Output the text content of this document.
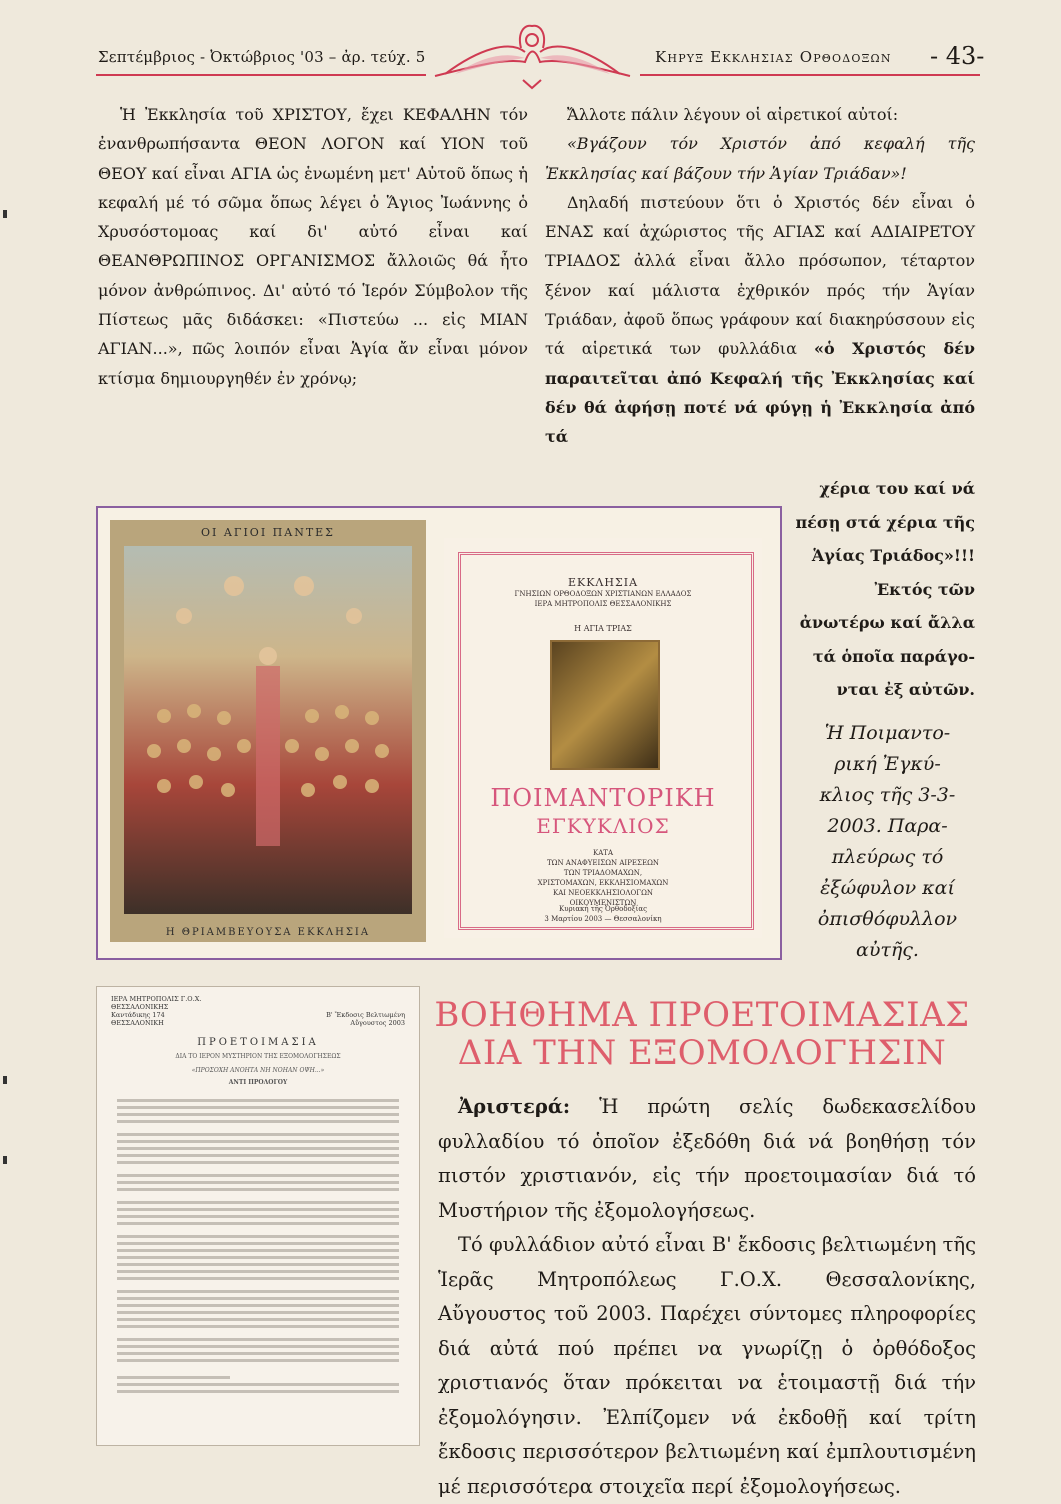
Σεπτέμβριος - Ὀκτώβριος '03 – ἀρ. τεύχ. 5	Κηρυξ Εκκλησιας Ορθοδοξων - 43-

Ἡ Ἐκκλησία τοῦ ΧΡΙΣΤΟΥ, ἔχει ΚΕΦΑΛΗΝ τόν ἐνανθρωπήσαντα ΘΕΟΝ ΛΟΓΟΝ καί ΥΙΟΝ τοῦ ΘΕΟΥ καί εἶναι ΑΓΙΑ ὡς ἑνωμένη μετ' Αὐτοῦ ὅπως ἡ κεφαλή μέ τό σῶμα ὅπως λέγει ὁ Ἅγιος Ἰωάννης ὁ Χρυσόστομοας καί δι' αὐτό εἶναι καί ΘΕΑΝΘΡΩΠΙΝΟΣ ΟΡΓΑΝΙΣΜΟΣ ἄλλοιῶς θά ἦτο μόνον ἀνθρώπινος. Δι' αὐτό τό Ἱερόν Σύμβολον τῆς Πίστεως μᾶς διδάσκει: «Πιστεύω ... εἰς ΜΙΑΝ ΑΓΙΑΝ...», πῶς λοιπόν εἶναι Ἁγία ἄν εἶναι μόνον κτίσμα δημιουργηθέν ἐν χρόνῳ;

Ἄλλοτε πάλιν λέγουν οἱ αἱρετικοί αὐτοί:

«Βγάζουν τόν Χριστόν ἀπό κεφαλή τῆς Ἐκκλησίας καί βάζουν τήν Ἁγίαν Τριάδαν»!

Δηλαδή πιστεύουν ὅτι ὁ Χριστός δέν εἶναι ὁ ΕΝΑΣ καί ἀχώριστος τῆς ΑΓΙΑΣ καί ΑΔΙΑΙΡΕΤΟΥ ΤΡΙΑΔΟΣ ἀλλά εἶναι ἄλλο πρόσωπον, τέταρτον ξένον καί μάλιστα ἐχθρικόν πρός τήν Ἁγίαν Τριάδαν, ἀφοῦ ὅπως γράφουν καί διακηρύσσουν εἰς τά αἱρετικά των φυλλάδια «ὁ Χριστός δέν παραιτεῖται ἀπό Κεφαλή τῆς Ἐκκλησίας καί δέν θά ἀφήσῃ ποτέ νά φύγῃ ἡ Ἐκκλησία ἀπό τά

χέρια του καί νά
πέσῃ στά χέρια τῆς
Ἁγίας Τριάδος»!!!
Ἐκτός τῶν
ἀνωτέρω καί ἄλλα
τά ὁποῖα παράγο-
νται ἐξ αὐτῶν.
Ἡ Ποιμαντο-
ρική Ἐγκύ-
κλιος τῆς 3-3-
2003. Παρα-
πλεύρως τό
ἐξώφυλον καί
ὀπισθόφυλλον
αὐτῆς.
ΟΙ ΑΓΙΟΙ ΠΑΝΤΕΣ
Η ΘΡΙΑΜΒΕΥΟΥΣΑ ΕΚΚΛΗΣΙΑ
ΕΚΚΛΗΣΙΑ
ΓΝΗΣΙΩΝ ΟΡΘΟΔΟΞΩΝ ΧΡΙΣΤΙΑΝΩΝ ΕΛΛΑΔΟΣ
ΙΕΡΑ ΜΗΤΡΟΠΟΛΙΣ ΘΕΣΣΑΛΟΝΙΚΗΣ
Η ΑΓΙΑ ΤΡΙΑΣ
ΠΟΙΜΑΝΤΟΡΙΚΗ
ΕΓΚΥΚΛΙΟΣ
ΚΑΤΑ
ΤΩΝ ΑΝΑΦΥΕΙΣΩΝ ΑΙΡΕΣΕΩΝ
ΤΩΝ ΤΡΙΑΔΟΜΑΧΩΝ,
ΧΡΙΣΤΟΜΑΧΩΝ, ΕΚΚΛΗΣΙΟΜΑΧΩΝ
ΚΑΙ ΝΕΟΕΚΚΛΗΣΙΟΛΟΓΩΝ
ΟΙΚΟΥΜΕΝΙΣΤΩΝ
Κυριακή τῆς Ὀρθοδοξίας
3 Μαρτίου 2003 — Θεσσαλονίκη
ΙΕΡΑ ΜΗΤΡΟΠΟΛΙΣ Γ.Ο.Χ.
ΘΕΣΣΑΛΟΝΙΚΗΣ
Καντάδικης 174
ΘΕΣΣΑΛΟΝΙΚΗ
Β' Ἔκδοσις Βελτιωμένη
Αὔγουστος 2003
ΠΡΟΕΤΟΙΜΑΣΙΑ
ΔΙΑ ΤΟ ΙΕΡΟΝ ΜΥΣΤΗΡΙΟΝ ΤΗΣ ΕΞΟΜΟΛΟΓΗΣΕΩΣ
«ΠΡΟΣΟΧΗ ΑΝΟΗΤΑ ΝΗ ΝΟΗΑΝ ΟΨΗ...»
ΑΝΤΙ ΠΡΟΛΟΓΟΥ
ΒΟΗΘΗΜΑ ΠΡΟΕΤΟΙΜΑΣΙΑΣ
ΔΙΑ ΤΗΝ ΕΞΟΜΟΛΟΓΗΣΙΝ

Ἀριστερά: Ἡ πρώτη σελίς δωδεκασελίδου φυλλαδίου τό ὁποῖον ἐξεδόθη διά νά βοηθήσῃ τόν πιστόν χριστιανόν, εἰς τήν προετοιμασίαν διά τό Μυστήριον τῆς ἐξομολογήσεως.

Τό φυλλάδιον αὐτό εἶναι Β' ἔκδοσις βελτιωμένη τῆς Ἱερᾶς Μητροπόλεως Γ.Ο.Χ. Θεσσαλονίκης, Αὔγουστος τοῦ 2003. Παρέχει σύντομες πληροφορίες διά αὐτά πού πρέπει να γνωρίζῃ ὁ ὀρθόδοξος χριστιανός ὅταν πρόκειται να ἑτοιμαστῇ διά τήν ἐξομολόγησιν. Ἐλπίζομεν νά ἐκδοθῇ καί τρίτη ἔκδοσις περισσότερον βελτιωμένη καί ἐμπλουτισμένη μέ περισσότερα στοιχεῖα περί ἐξομολογήσεως.
